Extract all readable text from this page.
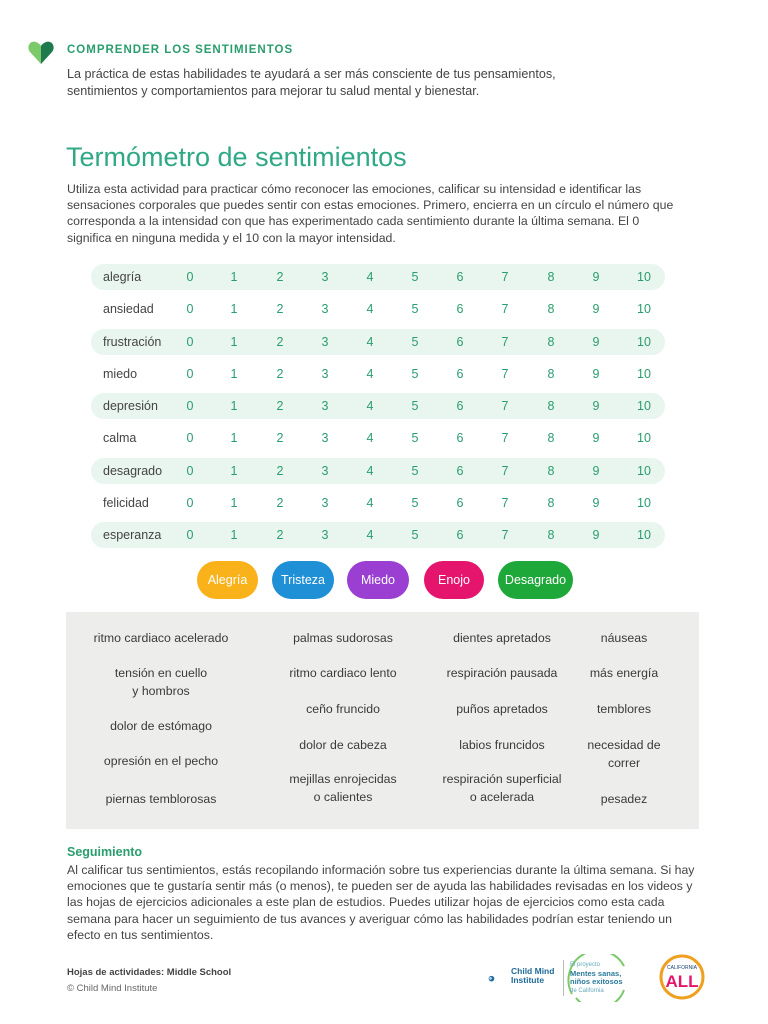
COMPRENDER LOS SENTIMIENTOS
La práctica de estas habilidades te ayudará a ser más consciente de tus pensamientos, sentimientos y comportamientos para mejorar tu salud mental y bienestar.
Termómetro de sentimientos
Utiliza esta actividad para practicar cómo reconocer las emociones, calificar su intensidad e identificar las sensaciones corporales que puedes sentir con estas emociones. Primero, encierra en un círculo el número que corresponda a la intensidad con que has experimentado cada sentimiento durante la última semana. El 0 significa en ninguna medida y el 10 con la mayor intensidad.
alegría	0	1	2	3	4	5	6	7	8	9	10
ansiedad	0	1	2	3	4	5	6	7	8	9	10
frustración	0	1	2	3	4	5	6	7	8	9	10
miedo	0	1	2	3	4	5	6	7	8	9	10
depresión	0	1	2	3	4	5	6	7	8	9	10
calma	0	1	2	3	4	5	6	7	8	9	10
desagrado	0	1	2	3	4	5	6	7	8	9	10
felicidad	0	1	2	3	4	5	6	7	8	9	10
esperanza	0	1	2	3	4	5	6	7	8	9	10
Alegría	Tristeza	Miedo	Enojo	Desagrado
ritmo cardiaco acelerado
tensión en cuello
y hombros
dolor de estómago
opresión en el pecho
piernas temblorosas
palmas sudorosas
ritmo cardiaco lento
ceño fruncido
dolor de cabeza
mejillas enrojecidas
o calientes
dientes apretados
respiración pausada
puños apretados
labios fruncidos
respiración superficial
o acelerada
náuseas
más energía
temblores
necesidad de
correr
pesadez
Seguimiento
Al calificar tus sentimientos, estás recopilando información sobre tus experiencias durante la última semana. Si hay emociones que te gustaría sentir más (o menos), te pueden ser de ayuda las habilidades revisadas en los videos y las hojas de ejercicios adicionales a este plan de estudios. Puedes utilizar hojas de ejercicios como esta cada semana para hacer un seguimiento de tus avances y averiguar cómo las habilidades podrían estar teniendo un efecto en tus sentimientos.
Hojas de actividades: Middle School
© Child Mind Institute
Child Mind
Institute
El proyecto
Mentes sanas,
niños exitosos
de California
CALIFORNIA
ALL
